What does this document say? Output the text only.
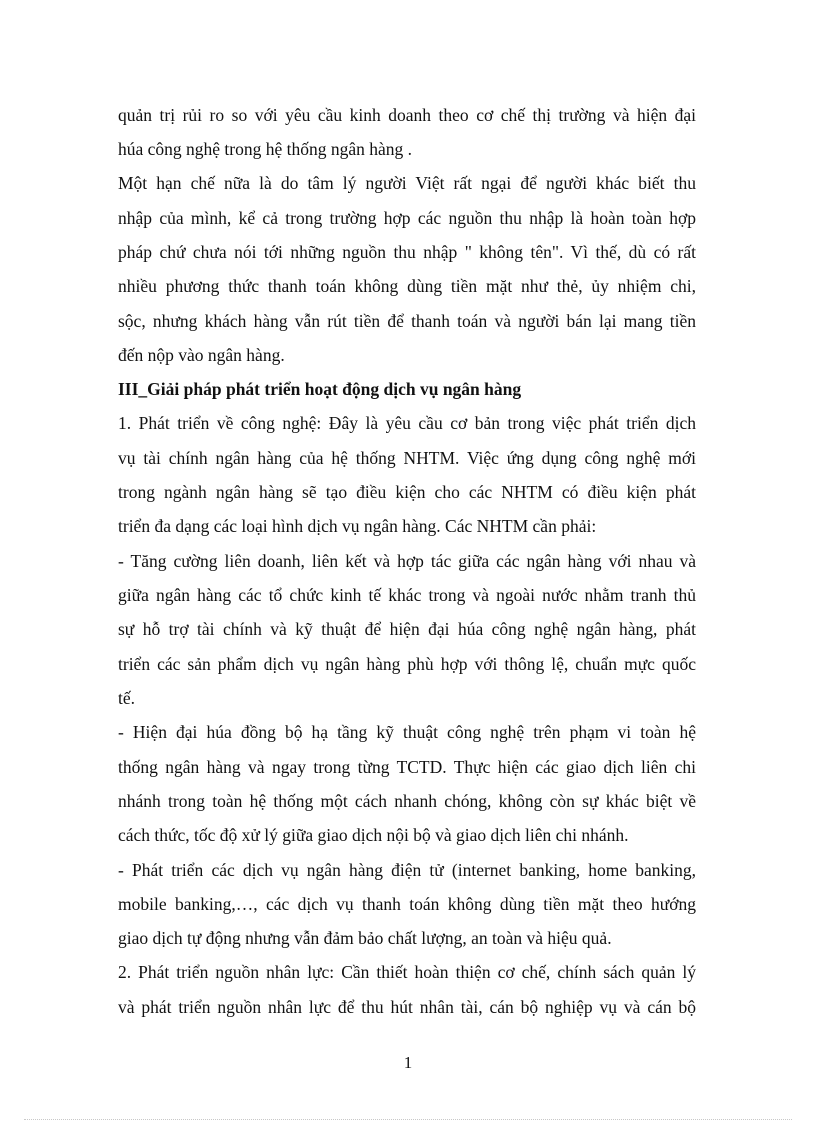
quản trị rủi ro so với yêu cầu kinh doanh theo cơ chế thị trường và hiện đại
húa công nghệ trong hệ thống ngân hàng .
Một hạn chế nữa là do tâm lý người Việt rất ngại để người khác biết thu
nhập của mình, kể cả trong trường hợp các nguồn thu nhập là hoàn toàn hợp
pháp chứ chưa nói tới những nguồn thu nhập " không tên". Vì thế, dù có rất
nhiều phương thức thanh toán không dùng tiền mặt như thẻ, ủy nhiệm chi,
sộc, nhưng khách hàng vẫn rút tiền để thanh toán và người bán lại mang tiền
đến nộp vào ngân hàng.
III_Giải pháp phát triển hoạt động dịch vụ ngân hàng
1. Phát triển về công nghệ: Đây là yêu cầu cơ bản trong việc phát triển dịch
vụ tài chính ngân hàng của hệ thống NHTM. Việc ứng dụng công nghệ mới
trong ngành ngân hàng sẽ tạo điều kiện cho các NHTM có điều kiện phát
triển đa dạng các loại hình dịch vụ ngân hàng. Các NHTM cần phải:
- Tăng cường liên doanh, liên kết và hợp tác giữa các ngân hàng với nhau và
giữa ngân hàng các tổ chức kinh tế khác trong và ngoài nước nhằm tranh thủ
sự hỗ trợ tài chính và kỹ thuật để hiện đại húa công nghệ ngân hàng, phát
triển các sản phẩm dịch vụ ngân hàng phù hợp với thông lệ, chuẩn mực quốc
tế.
- Hiện đại húa đồng bộ hạ tầng kỹ thuật công nghệ trên phạm vi toàn hệ
thống ngân hàng và ngay trong từng TCTD. Thực hiện các giao dịch liên chi
nhánh trong toàn hệ thống một cách nhanh chóng, không còn sự khác biệt về
cách thức, tốc độ xử lý giữa giao dịch nội bộ và giao dịch liên chi nhánh.
- Phát triển các dịch vụ ngân hàng điện tử (internet banking, home banking,
mobile banking,…, các dịch vụ thanh toán không dùng tiền mặt theo hướng
giao dịch tự động nhưng vẫn đảm bảo chất lượng, an toàn và hiệu quả.
2. Phát triển nguồn nhân lực: Cần thiết hoàn thiện cơ chế, chính sách quản lý
và phát triển nguồn nhân lực để thu hút nhân tài, cán bộ nghiệp vụ và cán bộ
1
